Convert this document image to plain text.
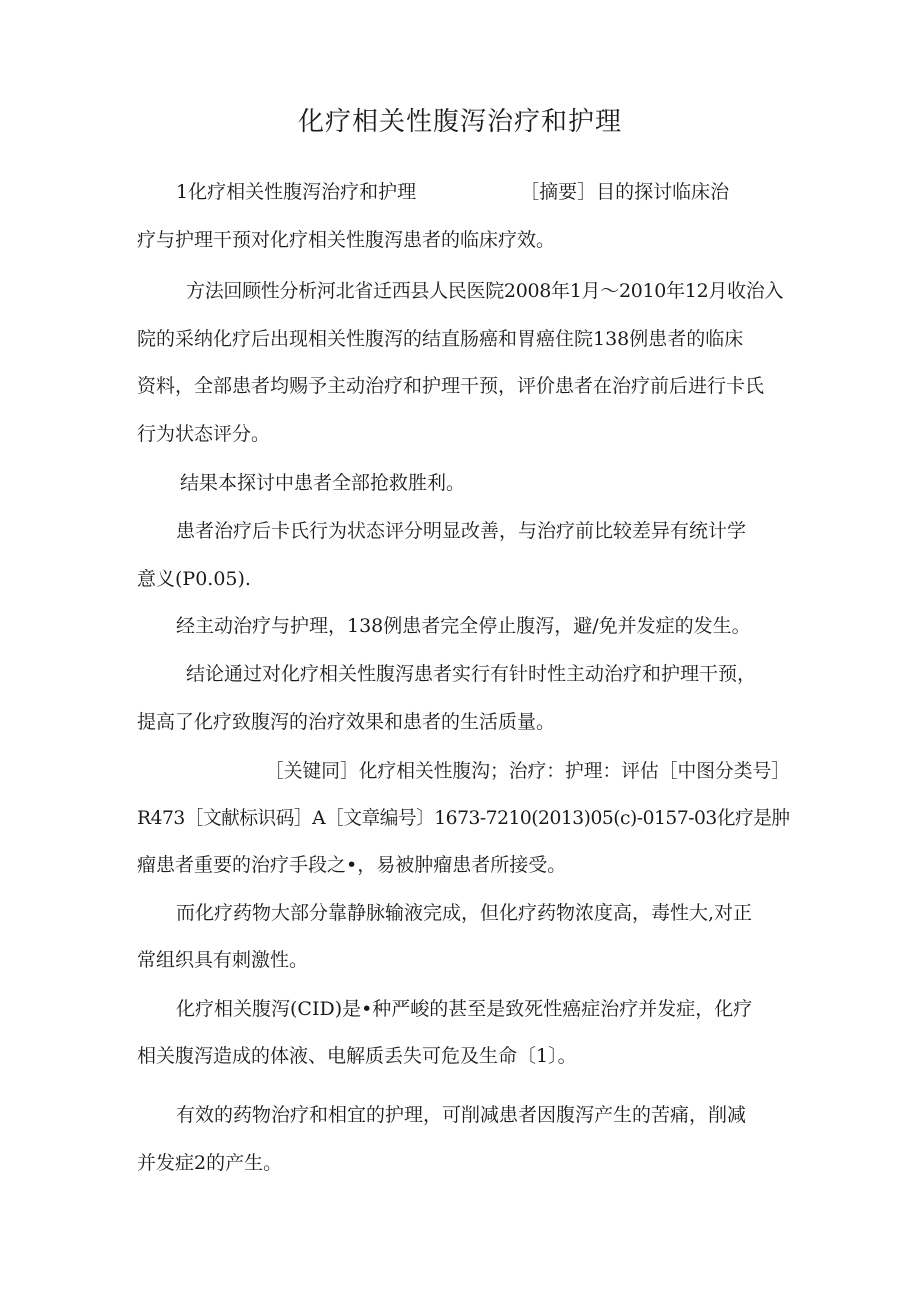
化疗相关性腹泻治疗和护理
1化疗相关性腹泻治疗和护理	［摘要］目的探讨临床治
疗与护理干预对化疗相关性腹泻患者的临床疗效。
方法回顾性分析河北省迁西县人民医院2008年1月～2010年12月收治入
院的采纳化疗后出现相关性腹泻的结直肠癌和胃癌住院138例患者的临床
资料，全部患者均赐予主动治疗和护理干预，评价患者在治疗前后进行卡氏
行为状态评分。
结果本探讨中患者全部抢救胜利。
患者治疗后卡氏行为状态评分明显改善，与治疗前比较差异有统计学
意义(P0.05).
经主动治疗与护理，138例患者完全停止腹泻，避/免并发症的发生。
结论通过对化疗相关性腹泻患者实行有针时性主动治疗和护理干预，
提高了化疗致腹泻的治疗效果和患者的生活质量。
［关键同］化疗相关性腹沟；治疗：护理：评估［中图分类号］
R473［文献标识码］A［文章编号〕1673-7210(2013)05(c)-0157-03化疗是肿
瘤患者重要的治疗手段之•，易被肿瘤患者所接受。
而化疗药物大部分靠静脉输液完成，但化疗药物浓度高，毒性大,对正
常组织具有刺激性。
化疗相关腹泻(CID)是•种严峻的甚至是致死性癌症治疗并发症，化疗
相关腹泻造成的体液、电解质丢失可危及生命〔1〕。
有效的药物治疗和相宜的护理，可削减患者因腹泻产生的苦痛，削减
并发症2的产生。
